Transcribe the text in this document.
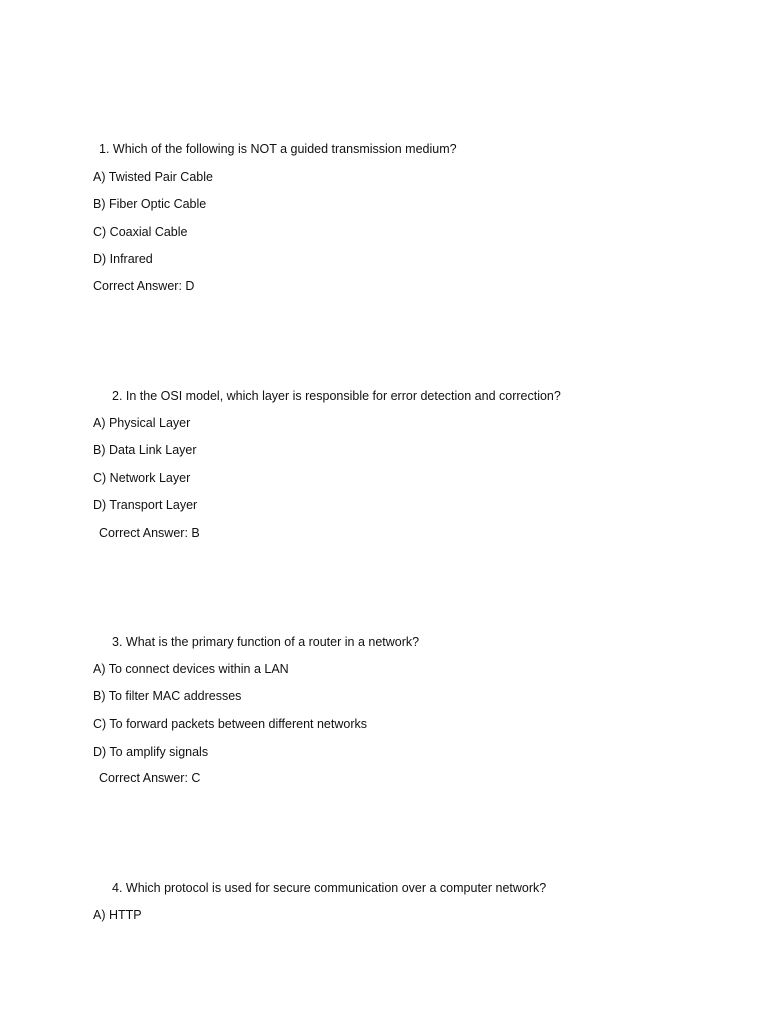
1. Which of the following is NOT a guided transmission medium?
A) Twisted Pair Cable
B) Fiber Optic Cable
C) Coaxial Cable
D) Infrared
Correct Answer: D
2. In the OSI model, which layer is responsible for error detection and correction?
A) Physical Layer
B) Data Link Layer
C) Network Layer
D) Transport Layer
Correct Answer: B
3. What is the primary function of a router in a network?
A) To connect devices within a LAN
B) To filter MAC addresses
C) To forward packets between different networks
D) To amplify signals
Correct Answer: C
4. Which protocol is used for secure communication over a computer network?
A) HTTP
